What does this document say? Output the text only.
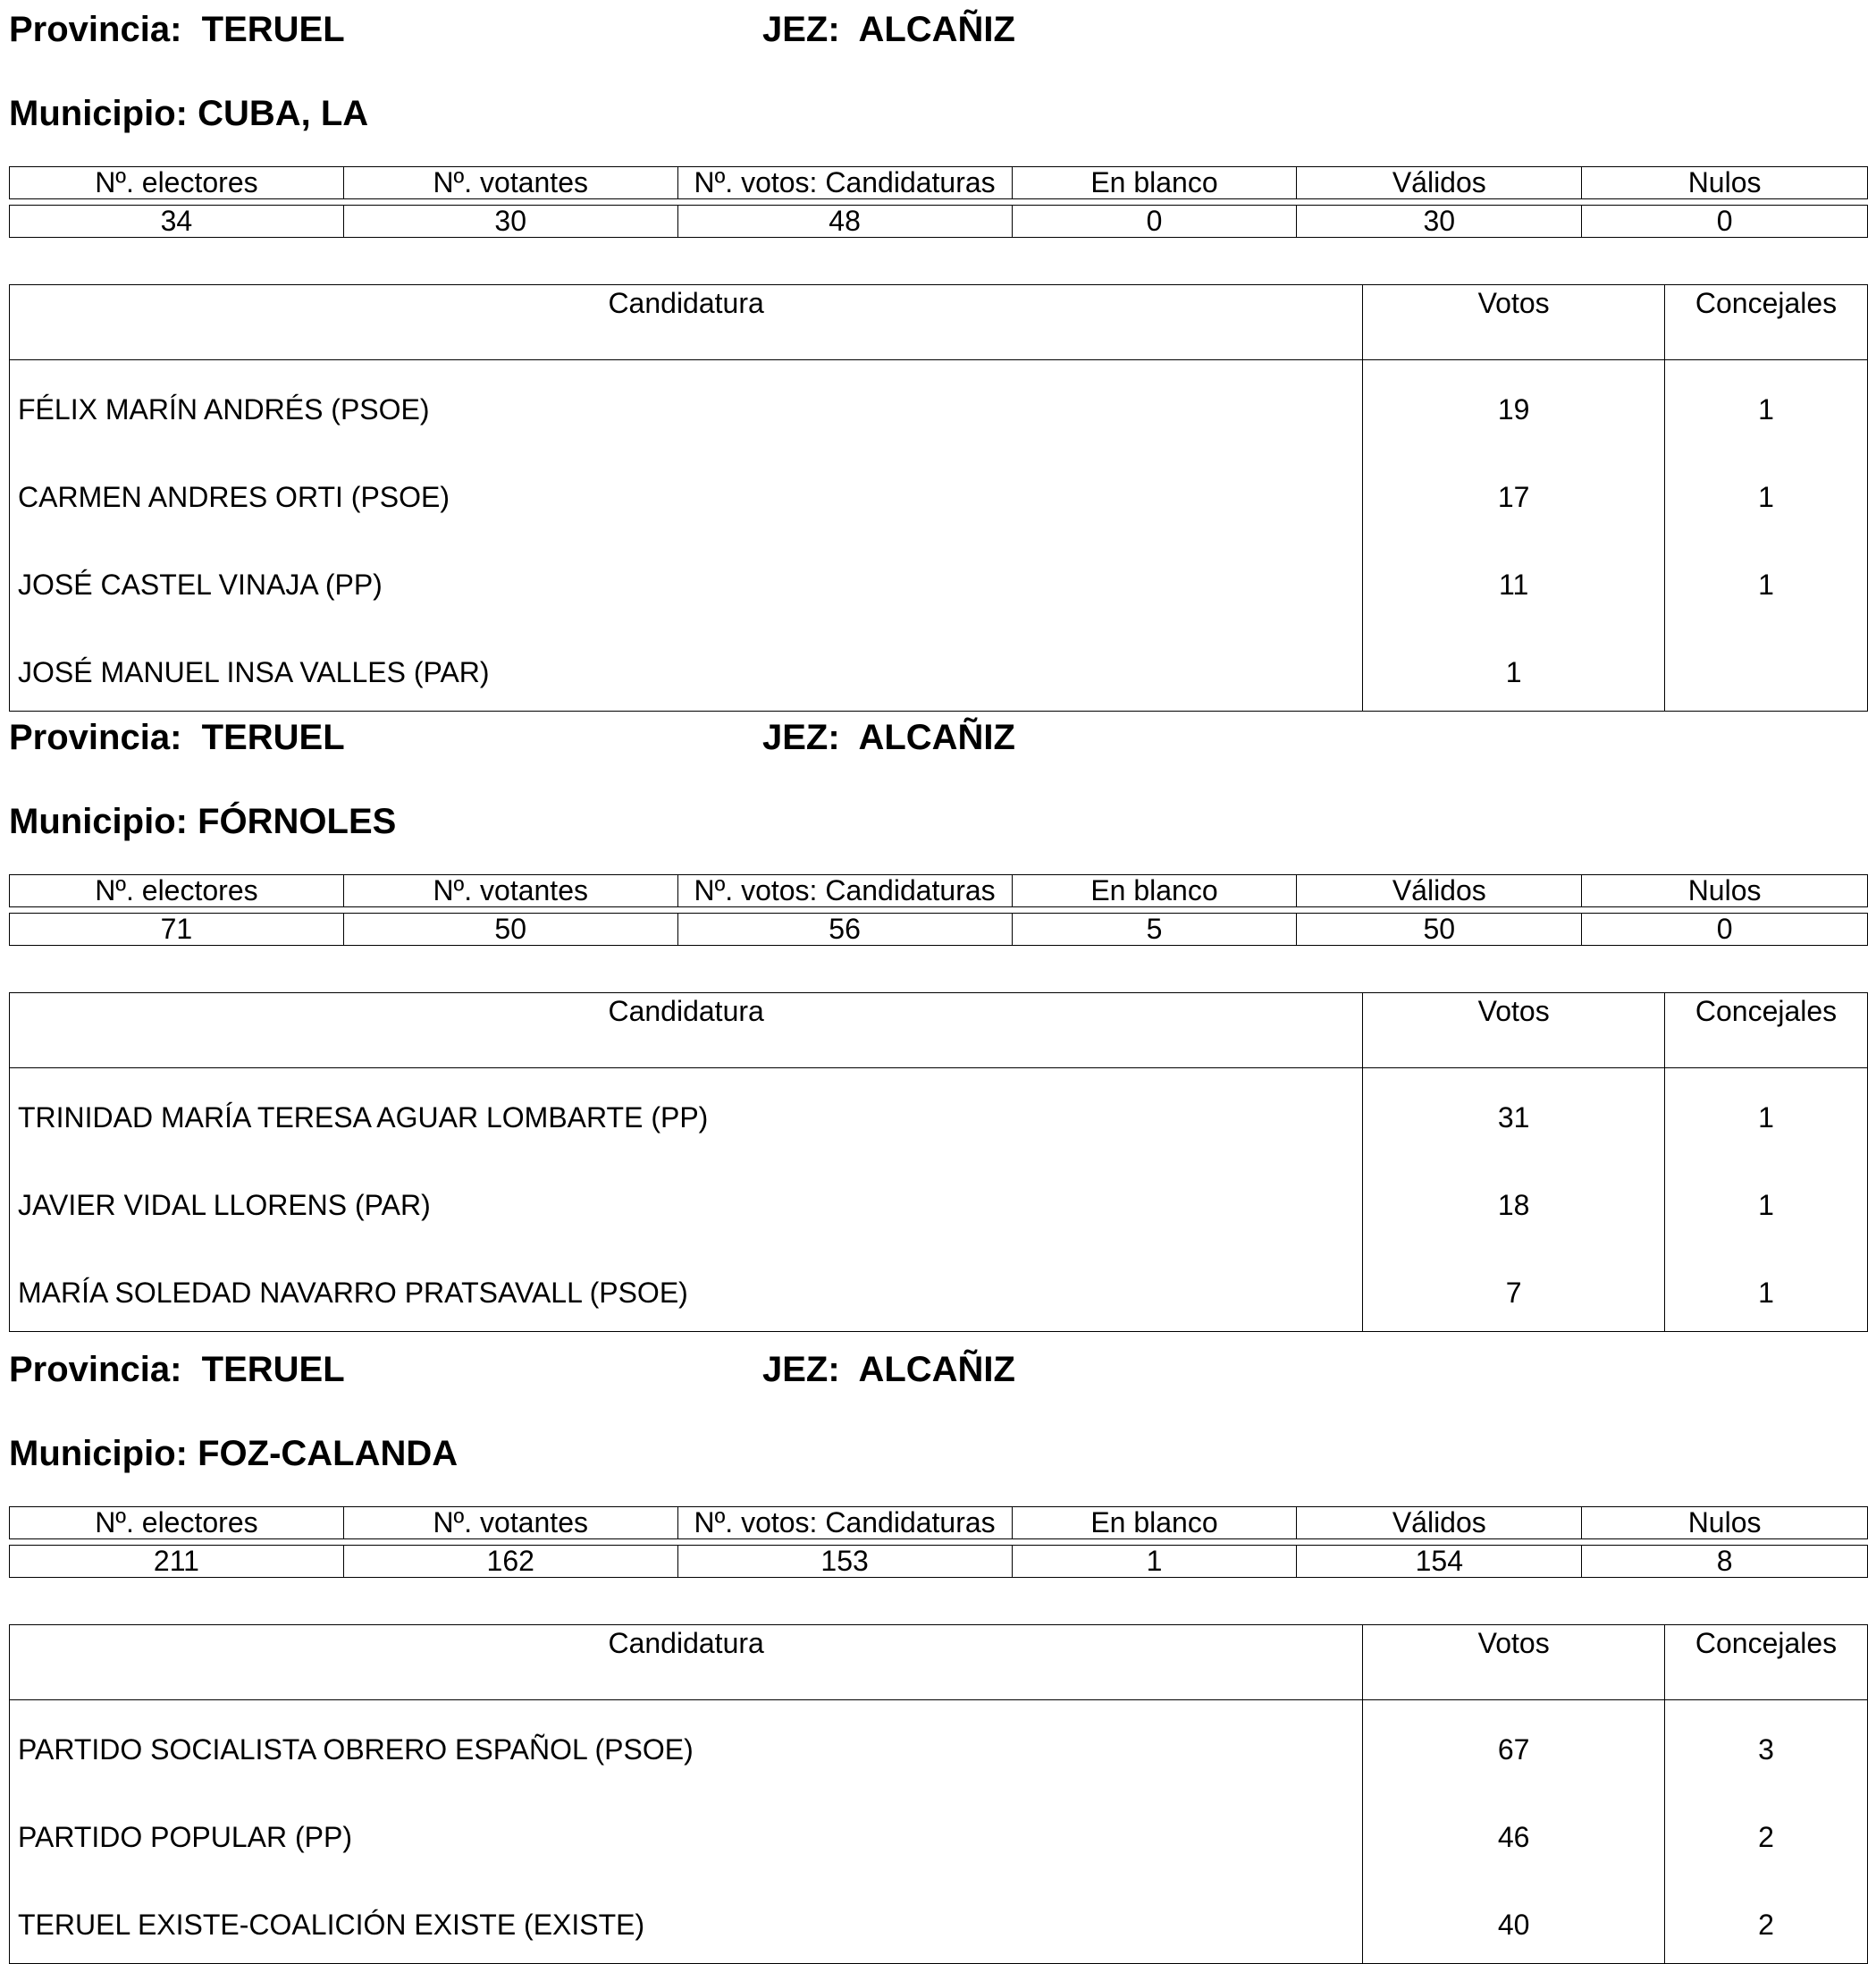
Provincia: TERUEL	JEZ: ALCAÑIZ
Municipio: CUBA, LA
Nº. electores	Nº. votantes	Nº. votos: Candidaturas	En blanco	Válidos	Nulos

34	30	48	0	30	0
Candidatura	Votos	Concejales
FÉLIX MARÍN ANDRÉS (PSOE)	19	1
CARMEN ANDRES ORTI (PSOE)	17	1
JOSÉ CASTEL VINAJA (PP)	11	1
JOSÉ MANUEL INSA VALLES (PAR)	1	
Provincia: TERUEL	JEZ: ALCAÑIZ
Municipio: FÓRNOLES
Nº. electores	Nº. votantes	Nº. votos: Candidaturas	En blanco	Válidos	Nulos

71	50	56	5	50	0
Candidatura	Votos	Concejales
TRINIDAD MARÍA TERESA AGUAR LOMBARTE (PP)	31	1
JAVIER VIDAL LLORENS (PAR)	18	1
MARÍA SOLEDAD NAVARRO PRATSAVALL (PSOE)	7	1
Provincia: TERUEL	JEZ: ALCAÑIZ
Municipio: FOZ-CALANDA
Nº. electores	Nº. votantes	Nº. votos: Candidaturas	En blanco	Válidos	Nulos

211	162	153	1	154	8
Candidatura	Votos	Concejales
PARTIDO SOCIALISTA OBRERO ESPAÑOL (PSOE)	67	3
PARTIDO POPULAR (PP)	46	2
TERUEL EXISTE-COALICIÓN EXISTE (EXISTE)	40	2
